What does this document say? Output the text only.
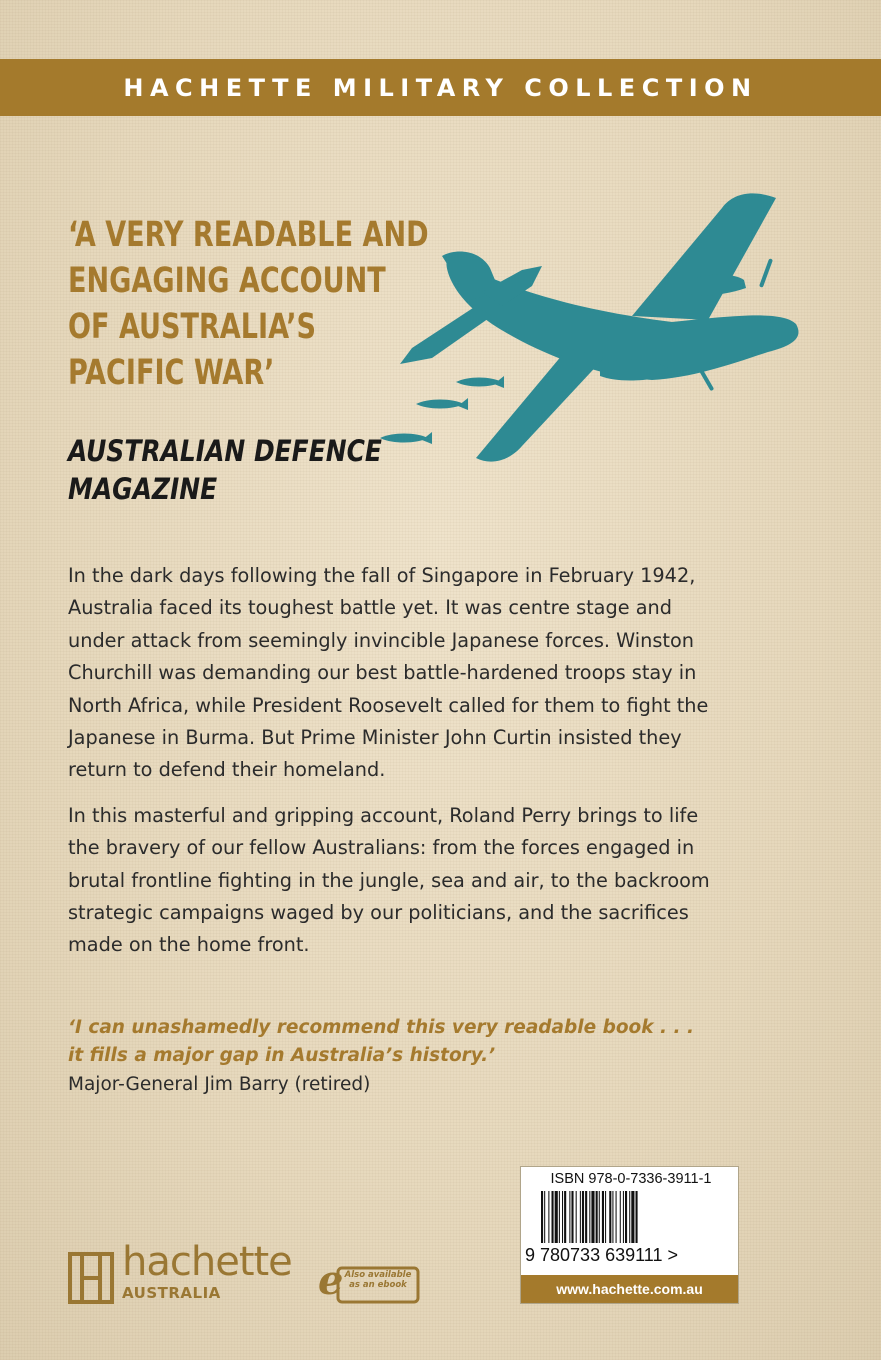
HACHETTE MILITARY COLLECTION
‘A VERY READABLE AND
ENGAGING ACCOUNT
OF AUSTRALIA’S
PACIFIC WAR’
AUSTRALIAN DEFENCE
MAGAZINE

In the dark days following the fall of Singapore in February 1942,
Australia faced its toughest battle yet. It was centre stage and
under attack from seemingly invincible Japanese forces. Winston
Churchill was demanding our best battle-hardened troops stay in
North Africa, while President Roosevelt called for them to fight the
Japanese in Burma. But Prime Minister John Curtin insisted they
return to defend their homeland.

In this masterful and gripping account, Roland Perry brings to life
the bravery of our fellow Australians: from the forces engaged in
brutal frontline fighting in the jungle, sea and air, to the backroom
strategic campaigns waged by our politicians, and the sacrifices
made on the home front.

‘I can unashamedly recommend this very readable book . . .
it fills a major gap in Australia’s history.’

Major-General Jim Barry (retired)

hachette
AUSTRALIA	e Also available as an ebook
ISBN 978-0-7336-3911-1
9 780733 639111 >
www.hachette.com.au
